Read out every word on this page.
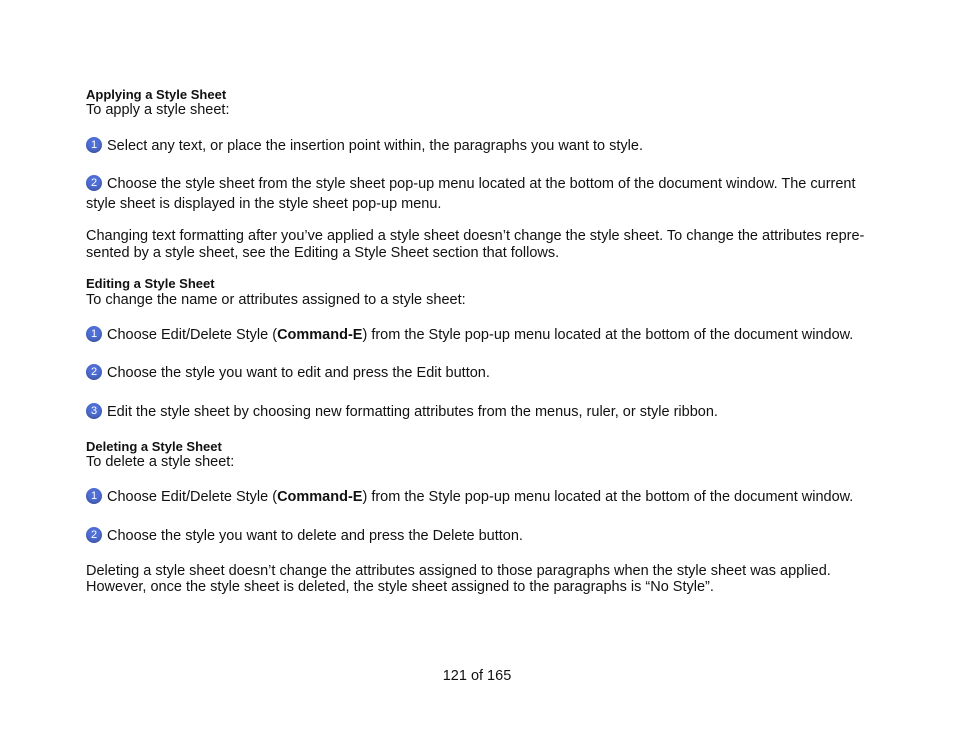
Applying a Style Sheet

To apply a style sheet:

1 Select any text, or place the insertion point within, the paragraphs you want to style.

2 Choose the style sheet from the style sheet pop-up menu located at the bottom of the document window. The current

style sheet is displayed in the style sheet pop-up menu.

Changing text formatting after you’ve applied a style sheet doesn’t change the style sheet. To change the attributes repre-

sented by a style sheet, see the Editing a Style Sheet section that follows.

Editing a Style Sheet

To change the name or attributes assigned to a style sheet:

1 Choose Edit/Delete Style (Command-E) from the Style pop-up menu located at the bottom of the document window.

2 Choose the style you want to edit and press the Edit button.

3 Edit the style sheet by choosing new formatting attributes from the menus, ruler, or style ribbon.

Deleting a Style Sheet

To delete a style sheet:

1 Choose Edit/Delete Style (Command-E) from the Style pop-up menu located at the bottom of the document window.

2 Choose the style you want to delete and press the Delete button.

Deleting a style sheet doesn’t change the attributes assigned to those paragraphs when the style sheet was applied.

However, once the style sheet is deleted, the style sheet assigned to the paragraphs is “No Style”.

121 of 165
